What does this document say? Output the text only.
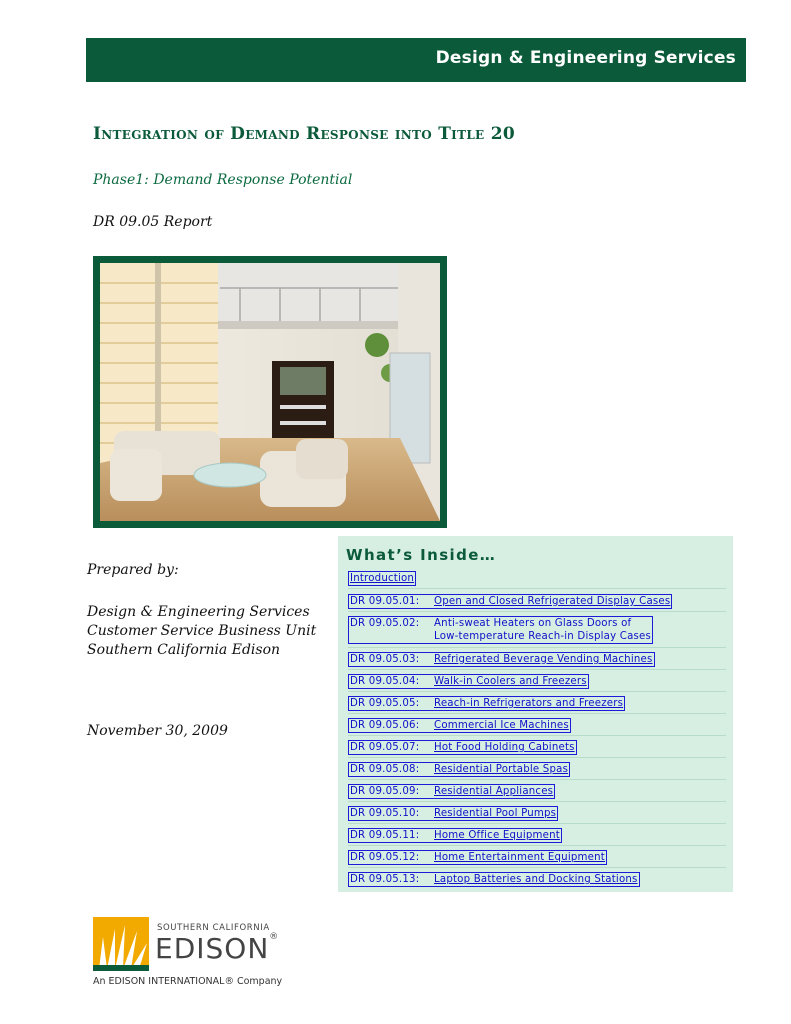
Design & Engineering Services
Integration of Demand Response into Title 20
Phase1: Demand Response Potential
DR 09.05 Report
Prepared by:
Design & Engineering Services
Customer Service Business Unit
Southern California Edison
November 30, 2009
What’s Inside…
Introduction
DR 09.05.01: Open and Closed Refrigerated Display Cases
DR 09.05.02: Anti-sweat Heaters on Glass Doors of
Low-temperature Reach-in Display Cases
DR 09.05.03: Refrigerated Beverage Vending Machines
DR 09.05.04: Walk-in Coolers and Freezers
DR 09.05.05: Reach-in Refrigerators and Freezers
DR 09.05.06: Commercial Ice Machines
DR 09.05.07: Hot Food Holding Cabinets
DR 09.05.08: Residential Portable Spas
DR 09.05.09: Residential Appliances
DR 09.05.10: Residential Pool Pumps
DR 09.05.11: Home Office Equipment
DR 09.05.12: Home Entertainment Equipment
DR 09.05.13: Laptop Batteries and Docking Stations
SOUTHERN CALIFORNIA
EDISON®
An EDISON INTERNATIONAL® Company
